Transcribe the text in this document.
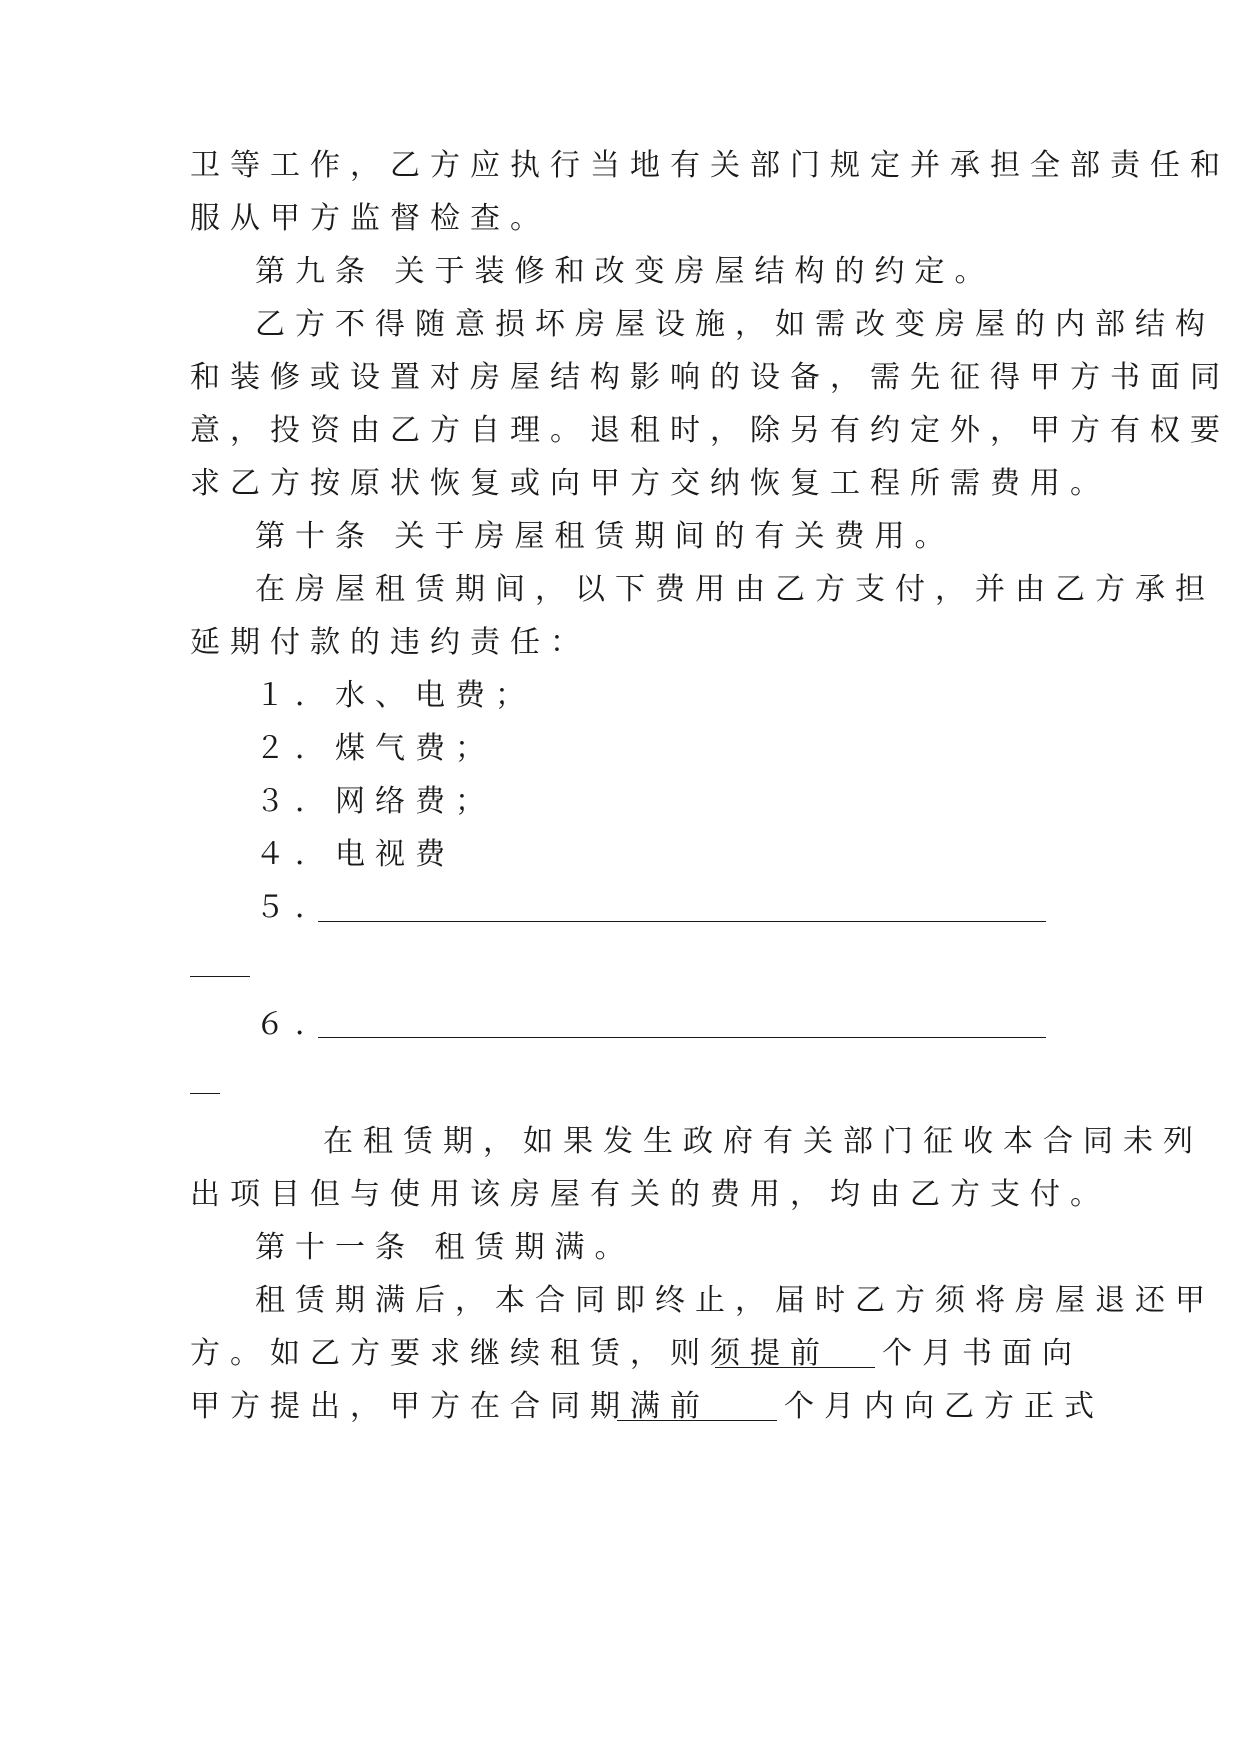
卫等工作，乙方应执行当地有关部门规定并承担全部责任和
服从甲方监督检查。
第九条 关于装修和改变房屋结构的约定。
乙方不得随意损坏房屋设施，如需改变房屋的内部结构
和装修或设置对房屋结构影响的设备，需先征得甲方书面同
意，投资由乙方自理。退租时，除另有约定外，甲方有权要
求乙方按原状恢复或向甲方交纳恢复工程所需费用。
第十条 关于房屋租赁期间的有关费用。
在房屋租赁期间，以下费用由乙方支付，并由乙方承担
延期付款的违约责任：
１．水、电费；
２．煤气费；
３．网络费；
４．电视费
５．
６．
在租赁期，如果发生政府有关部门征收本合同未列
出项目但与使用该房屋有关的费用，均由乙方支付。
第十一条 租赁期满。
租赁期满后，本合同即终止，届时乙方须将房屋退还甲
方。如乙方要求继续租赁，则须提前 个月书面向
甲方提出，甲方在合同期满前 个月内向乙方正式
